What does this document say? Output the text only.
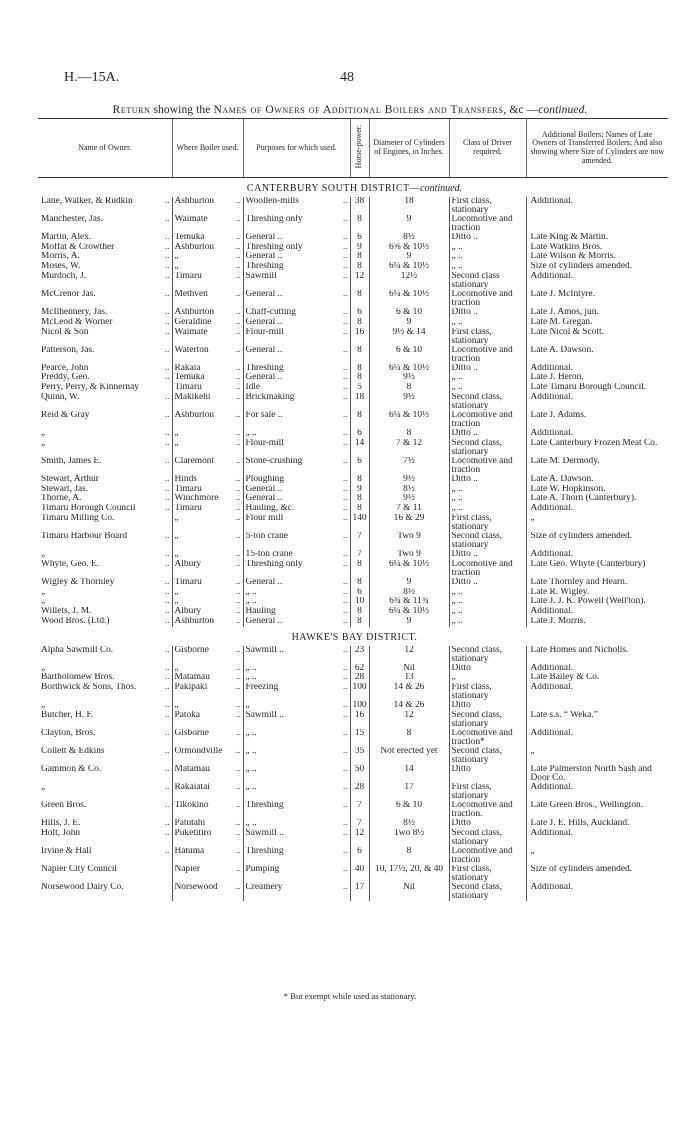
H.—15A.	48
Return showing the Names of Owners of Additional Boilers and Transfers, &c —continued.
Name of Owner.	Where Boiler used.	Purposes for which used.	Horse-power.	Diameter of Cylinders of Engines, in Inches.	Class of Driver required.	Additional Boilers; Names of Late Owners of Transferred Boilers; And also showing where Size of Cylinders are now amended.
CANTERBURY SOUTH DISTRICT—continued.						
Lane, Walker, & Rudkin ..	Ashburton ..	Woollen-mills ..	38	18	First class, stationary	Additional.
Manchester, Jas. ..	Waimate ..	Threshing only ..	8	9	Locomotive and traction	
Martin, Alex. ..	Temuka ..	General .. ..	6	8½	Ditto ..	Late King & Martin.
Moffat & Crowther ..	Ashburton ..	Threshing only ..	9	6⅝ & 10½	„ ..	Late Watkins Bros.
Morris, A. ..	„ ..	General .. ..	8	9	„ ..	Late Wilson & Morris.
Moses, W. ..	„ ..	Threshing ..	8	6¼ & 10½	„ ..	Size of cylinders amended.
Murdoch, J. ..	Timaru ..	Sawmill ..	12	12½	Second class stationary	Additional.
McCrenor Jas. ..	Methven ..	General .. ..	8	6¼ & 10½	Locomotive and traction	Late J. McIntyre.
McIlhennery, Jas. ..	Ashburton ..	Chaff-cutting ..	6	6 & 10	Ditto ..	Late J. Amos, jun.
McLeod & Worner ..	Geraldine ..	General .. ..	8	9	„ ..	Late M. Gregan.
Nicol & Son ..	Waimate ..	Flour-mill ..	16	9½ & 14	First class, stationary	Late Nicol & Scott.
Patterson, Jas. ..	Waterton ..	General .. ..	8	6 & 10	Locomotive and traction	Late A. Dawson.
Pearce, John ..	Rakaia ..	Threshing ..	8	6¼ & 10½	Ditto ..	Additional.
Preddy, Geo. ..	Temuka ..	General .. ..	8	9½	„ ..	Late J. Heron.
Perry, Perry, & Kinnernay	Timaru ..	Idle ..	5	8	„ ..	Late Timaru Borough Council.
Quinn, W. ..	Makikehi ..	Brickmaking ..	18	9½	Second class, stationary	Additional.
Reid & Gray ..	Ashburton ..	For sale .. ..	8	6¼ & 10½	Locomotive and traction	Late J. Adams.
„ ..	„ ..	„ .. ..	6	8	Ditto ..	Additional.
„ ..	„ ..	Flour-mill ..	14	7 & 12	Second class, stationary	Late Canterbury Frozen Meat Co.
Smith, James E. ..	Claremont ..	Stone-crushing ..	6	7½	Locomotive and traction	Late M. Dermody.
Stewart, Arthur ..	Hinds ..	Ploughing ..	8	9½	Ditto ..	Late A. Dawson.
Stewart, Jas. ..	Timaru ..	General .. ..	9	8½	„ ..	Late W. Hopkinson.
Thorne, A. ..	Winchmore ..	General .. ..	8	9½	„ ..	Late A. Thorn (Canterbury).
Timaru Borough Council ..	Timaru ..	Hauling, &c. ..	8	7 & 11	„ ..	Additional.
Timaru Milling Co.	„ ..	Flour mill ..	140	16 & 29	First class, stationary	„
Timaru Harbour Board ..	„ ..	5-ton crane ..	7	Two 9	Second class, stationary	Size of cylinders amended.
„ ..	„ ..	15-ton crane ..	7	Two 9	Ditto ..	Additional.
Whyte, Geo. E. ..	Albury ..	Threshing only ..	8	6¼ & 10½	Locomotive and traction	Late Geo. Whyte (Canterbury)
Wigley & Thornley ..	Timaru ..	General .. ..	8	9	Ditto ..	Late Thornley and Hearn.
„ ..	„ ..	„ .. ..	6	8½	„ ..	Late R. Wigley.
„ ..	„ ..	„ .. ..	10	6¾ & 11¾	„ ..	Late J. J. K. Powell (Well'ton).
Willets, J. M. ..	Albury ..	Hauling ..	8	6¼ & 10½	„ ..	Additional.
Wood Bros. (Ltd.) ..	Ashburton ..	General .. ..	8	9	„ ..	Late J. Morris.
HAWKE'S BAY DISTRICT.						
Alpha Sawmill Co. ..	Gisborne ..	Sawmill .. ..	23	12	Second class, stationary	Late Homes and Nicholls.
„ ..	„ ..	„ .. ..	62	Nil	Ditto	Additional.
Bartholomew Bros. ..	Matamau ..	„ .. ..	28	13	„	Late Bailey & Co.
Borthwick & Sons, Thos. ..	Pakipaki ..	Freezing ..	100	14 & 26	First class, stationary	Additional.
„ ..	„ ..	„ ..	100	14 & 26	Ditto	
Butcher, H. F. ..	Patoka ..	Sawmill .. ..	16	12	Second class, stationary	Late s.s. “ Weka.”
Clayton, Bros. ..	Gisborne ..	„ .. ..	15	8	Locomotive and traction*	Additional.
Collett & Edkins ..	Ormondville ..	„ .. ..	35	Not erected yet	Second class, stationary	„
Gammon & Co. ..	Matamau ..	„ .. ..	50	14	Ditto	Late Palmerston North Sash and Door Co.
„ ..	Rakaiatai ..	„ .. ..	28	17	First class, stationary	Additional.
Green Bros. ..	Tikokino ..	Threshing ..	7	6 & 10	Locomotive and traction.	Late Green Bros., Wellington.
Hills, J. E. ..	Patutahi ..	„ .. ..	7	8½	Ditto	Late J. E. Hills, Auckland.
Holt, John ..	Puketitiro ..	Sawmill .. ..	12	Two 8½	Second class, stationary	Additional.
Irvine & Hall ..	Hatuma ..	Threshing ..	6	8	Locomotive and traction	„
Napier City Council	Napier ..	Pumping ..	40	10, 17½, 20, & 40	First class, stationary	Size of cylinders amended.
Norsewood Dairy Co.	Norsewood ..	Creamery ..	17	Nil	Second class, stationary	Additional.
* But exempt while used as stationary.
